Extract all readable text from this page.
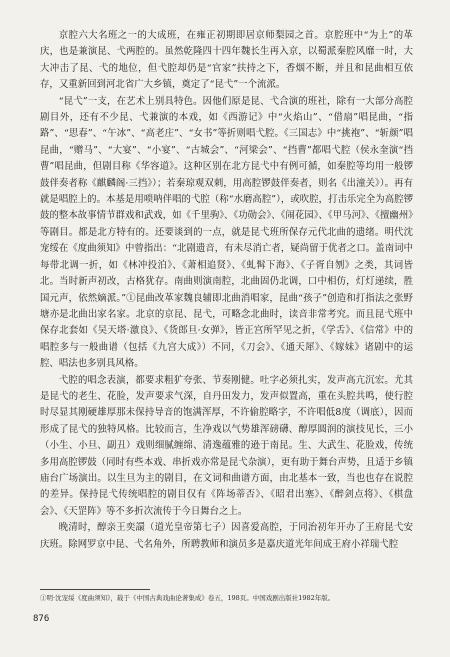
京腔六大名班之一的大成班，在雍正初期即居京师梨园之首。京腔班中“为上”的革庆，也是兼演昆、弋两腔的。虽然乾隆四十四年魏长生再入京，以蜀派秦腔风靡一时，大大冲击了昆、弋的地位，但弋腔却仍是“官家”扶持之下，香烟不断，并且和昆曲相互依存，又重新回到河北省广大乡镇，奠定了“昆弋”一个流派。

“昆弋”一支，在艺术上别具特色。因他们原是昆、弋合演的班社，除有一大部分高腔剧目外，还有不少昆、弋兼演的本戏，如《西游记》中“火焰山”、“借扇”唱昆曲，“指路”、“思春”、“午冰”、“高老庄”、“女书”等折则唱弋腔。《三国志》中“挑袍”、“斩颜”唱昆曲，“赠马”、“大宴”、“小宴”、“古城会”、“河梁会”、“挡曹”都唱弋腔（侯永奎演“挡曹”唱昆曲，但剧目称《华容道》。这种区别在北方昆弋中有例可循，如秦腔等均用一般锣鼓伴奏者称《麒麟阁·三挡》）；若秦琼观双刺，用高腔锣鼓伴奏者，则名《出潼关》）。再有就是唱腔上的。本基是用唢呐伴唱的弋腔（称“水磨高腔”），或吹腔，打击乐完全为高腔锣鼓的整本故事情节群戏和武戏，如《千里驹》、《功勋会》、《闹花园》、《甲马河》、《擅幽州》等剧目。都是北方特有的。还要谈到的一点，就是昆弋班所保存元代北曲的遗绪。明代沈宠绥在《度曲须知》中曾指出：“北剧遗音，有未尽消亡者，疑尚留于优者之口。盖南词中每带北调一折，如《林冲投泊》、《萧相追贤》、《虬髯下海》、《子胥自刎》之类，其词皆北。当时新声初改，古格犹存。南曲则演南腔，北曲固仍北调，口中相仿，灯灯递续，胜国元声，依然嫡派。”①昆曲改革家魏良辅即北曲消唱家，昆曲“孩子”创造和打指法之张野塘亦是北曲出家名家。北京的京昆、昆弋，可略念北曲时，读音非常考究。而且昆弋班中保存北套如《吴天塔·激良》、《货郎旦·女弹》，皆正宫所罕见之折，《学舌》、《信常》中的唱腔多与一般曲谱（包括《九宫大成》）不同，《刀会》、《通天犀》、《嫁妹》诸剧中的运腔、唱法也多别具风格。

弋腔的唱念表演，都要求粗犷夸张、节奏刚健。吐字必须扎实，发声高亢沉宏。尤其是昆弋的老生、花脸，发声要求气深，自丹田发力，发声似置高，重在头腔共鸣，使行腔时尽显其刚硬雄厚那未保持导音的饱满浑厚，不许偷腔略字，不许唱低8度（调底），因而形成了昆弋的独特风格。比较而言，生净戏以气势雄浑磅礴、醇厚圆润的演技见长，三小（小生、小旦、副丑）戏则细腻缠绵、清逸蕴雅的逊于南昆。生、大武生、花脸戏，传统多用高腔锣鼓（同时有些本戏、串折戏亦常是昆弋杂演），更有助于舞台声势，且适于乡镇庙台广场演出。以生旦为主的剧目，在文词和曲谱方面，由北基本一致，当也也存在说腔的差异。保持昆弋传统唱腔的剧目仅有《阵场蒂否》、《昭君出塞》、《醉剑点将》、《棋盘会》、《天罡阵》等不多折次流传于今日舞台之上。

晚清时，醇亲王奕譞（道光皇帝第七子）因喜爱高腔，于同治初年开办了王府昆弋安庆班。除网罗京中昆、弋名角外，所聘教师和演员多是嘉庆道光年间成王府小祥瑞弋腔

①明·沈宠绥《度曲须知》，载于《中国古典戏曲论著集成》卷五，198页。中国戏剧出版社1982年版。
876
